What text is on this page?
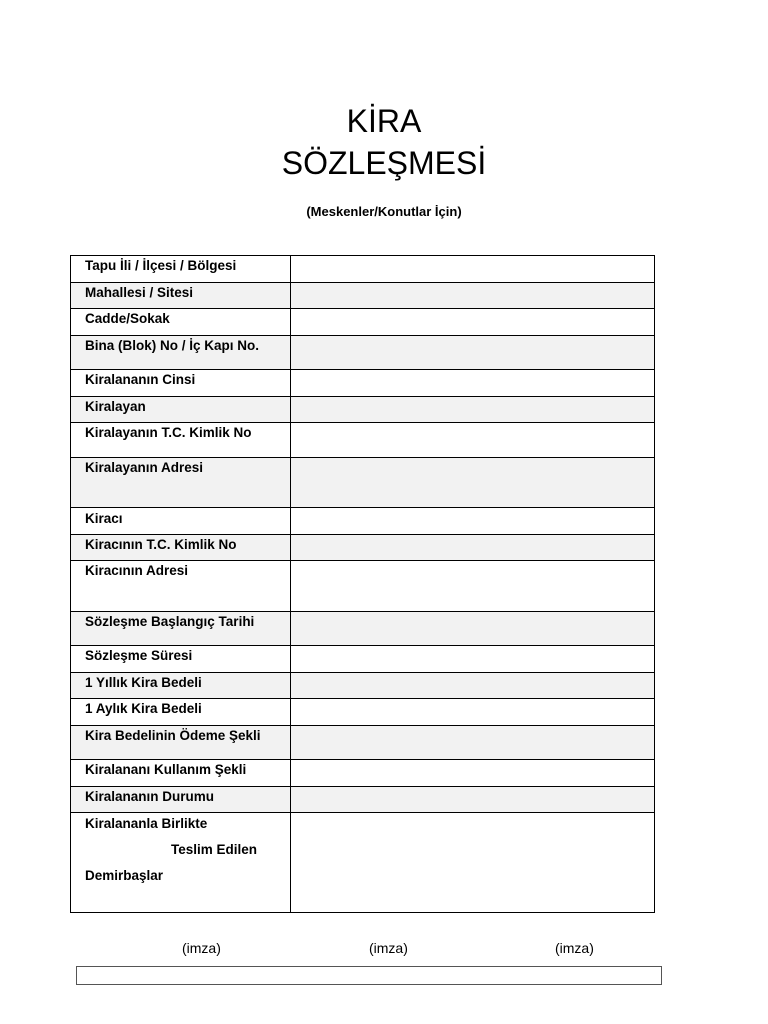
KİRA
SÖZLEŞMESİ
(Meskenler/Konutlar İçin)
Tapu İli / İlçesi / Bölgesi	
Mahallesi / Sitesi	
Cadde/Sokak	
Bina (Blok) No / İç Kapı No.	
Kiralananın Cinsi	
Kiralayan	
Kiralayanın T.C. Kimlik No	
Kiralayanın Adresi	
Kiracı	
Kiracının T.C. Kimlik No	
Kiracının Adresi	
Sözleşme Başlangıç Tarihi	
Sözleşme Süresi	
1 Yıllık Kira Bedeli	
1 Aylık Kira Bedeli	
Kira Bedelinin Ödeme Şekli	
Kiralananı Kullanım Şekli	
Kiralananın Durumu	

Kiralananla Birlikte
Teslim Edilen
Demirbaşlar	

(imza)	(imza)	(imza)
